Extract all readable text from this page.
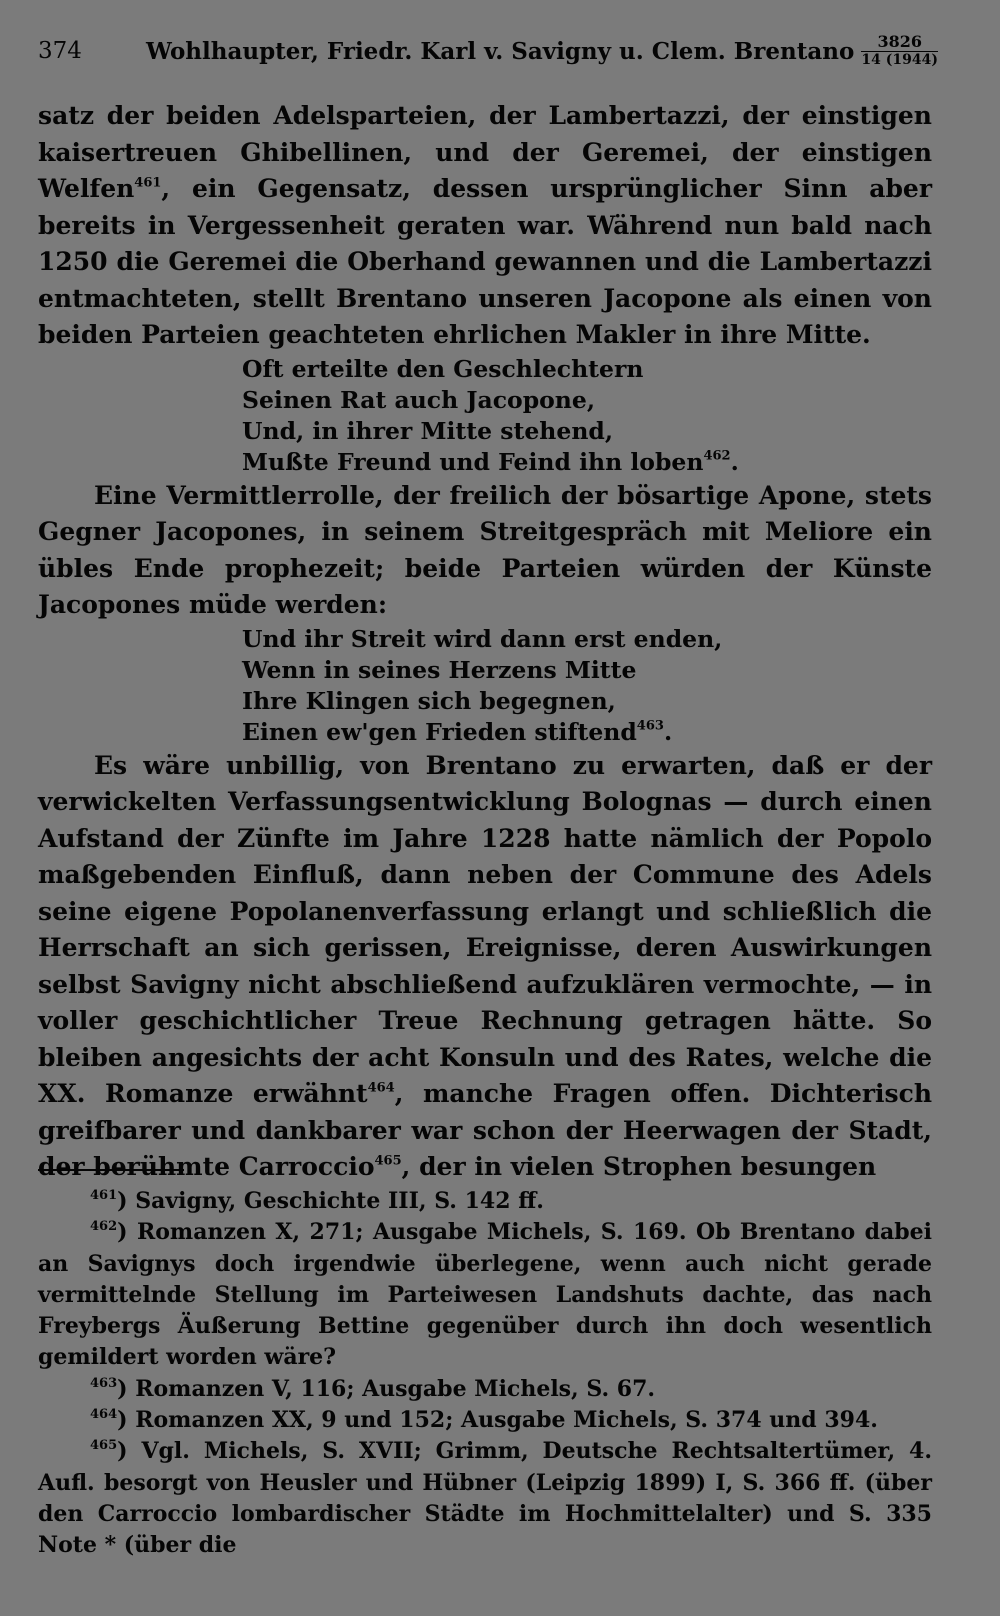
374	Wohlhaupter, Friedr. Karl v. Savigny u. Clem. Brentano	3826
14 (1944)

satz der beiden Adelsparteien, der Lambertazzi, der einstigen kaisertreuen Ghibellinen, und der Geremei, der einstigen Welfen$^{461}$, ein Gegensatz, dessen ursprünglicher Sinn aber bereits in Vergessenheit geraten war. Während nun bald nach 1250 die Geremei die Oberhand gewannen und die Lambertazzi entmachteten, stellt Brentano unseren Jacopone als einen von beiden Parteien geachteten ehrlichen Makler in ihre Mitte.

Oft erteilte den Geschlechtern
Seinen Rat auch Jacopone,
Und, in ihrer Mitte stehend,
Mußte Freund und Feind ihn loben$^{462}$.

Eine Vermittlerrolle, der freilich der bösartige Apone, stets Gegner Jacopones, in seinem Streitgespräch mit Meliore ein übles Ende prophezeit; beide Parteien würden der Künste Jacopones müde werden:

Und ihr Streit wird dann erst enden,
Wenn in seines Herzens Mitte
Ihre Klingen sich begegnen,
Einen ew'gen Frieden stiftend$^{463}$.

Es wäre unbillig, von Brentano zu erwarten, daß er der verwickelten Verfassungsentwicklung Bolognas — durch einen Aufstand der Zünfte im Jahre 1228 hatte nämlich der Popolo maßgebenden Einfluß, dann neben der Commune des Adels seine eigene Popolanenverfassung erlangt und schließlich die Herrschaft an sich gerissen, Ereignisse, deren Auswirkungen selbst Savigny nicht abschließend aufzuklären vermochte, — in voller geschichtlicher Treue Rechnung getragen hätte. So bleiben angesichts der acht Konsuln und des Rates, welche die XX. Romanze erwähnt$^{464}$, manche Fragen offen. Dichterisch greifbarer und dankbarer war schon der Heerwagen der Stadt, der berühmte Carroccio$^{465}$, der in vielen Strophen besungen

$^{461}$) Savigny, Geschichte III, S. 142 ff.

$^{462}$) Romanzen X, 271; Ausgabe Michels, S. 169. Ob Brentano dabei an Savignys doch irgendwie überlegene, wenn auch nicht gerade vermittelnde Stellung im Parteiwesen Landshuts dachte, das nach Freybergs Äußerung Bettine gegenüber durch ihn doch wesentlich gemildert worden wäre?

$^{463}$) Romanzen V, 116; Ausgabe Michels, S. 67.

$^{464}$) Romanzen XX, 9 und 152; Ausgabe Michels, S. 374 und 394.

$^{465}$) Vgl. Michels, S. XVII; Grimm, Deutsche Rechtsaltertümer, 4. Aufl. besorgt von Heusler und Hübner (Leipzig 1899) I, S. 366 ff. (über den Carroccio lombardischer Städte im Hochmittelalter) und S. 335 Note * (über die
